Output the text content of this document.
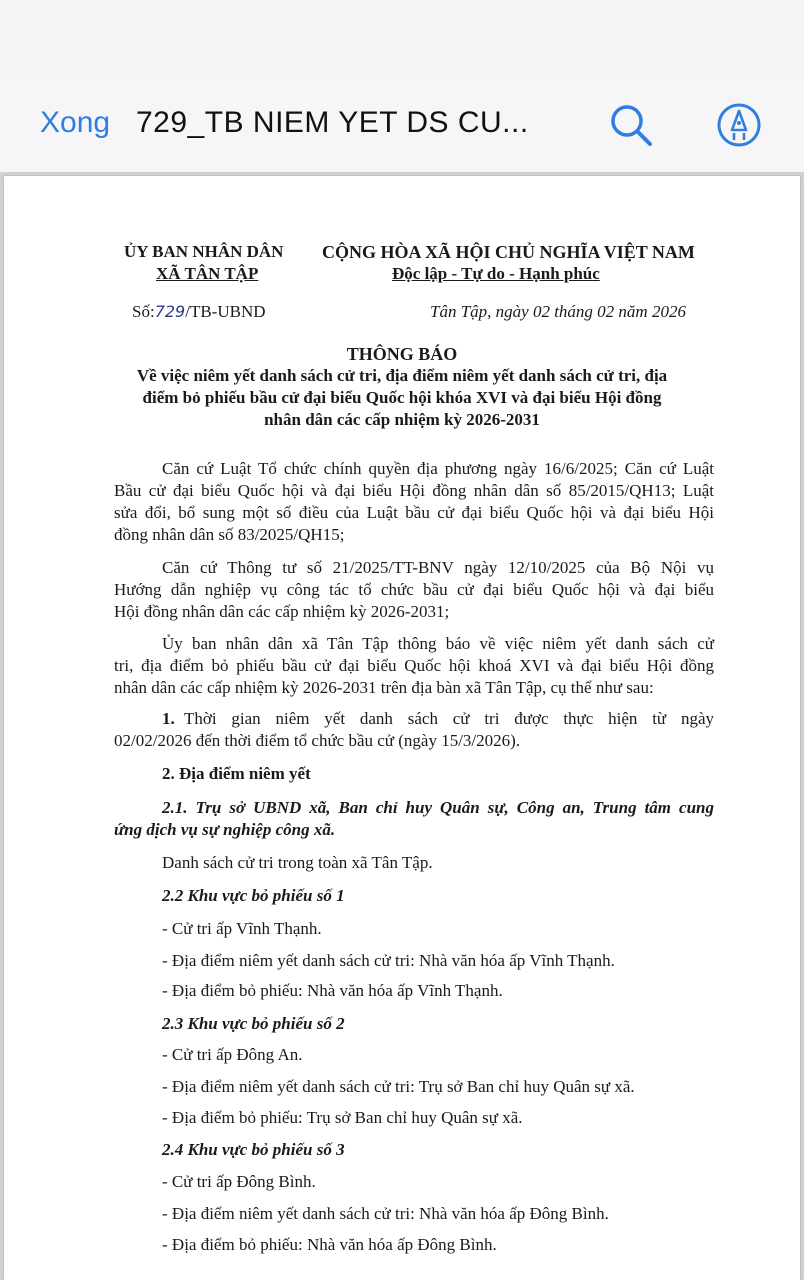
Xong 729_TB NIEM YET DS CU...
ỦY BAN NHÂN DÂN
XÃ TÂN TẬP
CỘNG HÒA XÃ HỘI CHỦ NGHĨA VIỆT NAM
Độc lập - Tự do - Hạnh phúc
Số:729/TB-UBND	Tân Tập, ngày 02 tháng 02 năm 2026
THÔNG BÁO
Về việc niêm yết danh sách cử tri, địa điểm niêm yết danh sách cử tri, địa
điểm bỏ phiếu bầu cử đại biểu Quốc hội khóa XVI và đại biểu Hội đồng
nhân dân các cấp nhiệm kỳ 2026-2031
Căn cứ Luật Tổ chức chính quyền địa phương ngày 16/6/2025; Căn cứ Luật
Bầu cử đại biểu Quốc hội và đại biểu Hội đồng nhân dân số 85/2015/QH13; Luật
sửa đổi, bổ sung một số điều của Luật bầu cử đại biểu Quốc hội và đại biểu Hội
đồng nhân dân số 83/2025/QH15;
Căn cứ Thông tư số 21/2025/TT-BNV ngày 12/10/2025 của Bộ Nội vụ
Hướng dẫn nghiệp vụ công tác tổ chức bầu cử đại biểu Quốc hội và đại biểu
Hội đồng nhân dân các cấp nhiệm kỳ 2026-2031;
Ủy ban nhân dân xã Tân Tập thông báo về việc niêm yết danh sách cử
tri, địa điểm bỏ phiếu bầu cử đại biểu Quốc hội khoá XVI và đại biểu Hội đồng
nhân dân các cấp nhiệm kỳ 2026-2031 trên địa bàn xã Tân Tập, cụ thể như sau:
1. Thời gian niêm yết danh sách cử tri được thực hiện từ ngày
02/02/2026 đến thời điểm tổ chức bầu cử (ngày 15/3/2026).
2. Địa điểm niêm yết
2.1. Trụ sở UBND xã, Ban chỉ huy Quân sự, Công an, Trung tâm cung
ứng dịch vụ sự nghiệp công xã.
Danh sách cử tri trong toàn xã Tân Tập.
2.2 Khu vực bỏ phiếu số 1
- Cử tri ấp Vĩnh Thạnh.
- Địa điểm niêm yết danh sách cử tri: Nhà văn hóa ấp Vĩnh Thạnh.
- Địa điểm bỏ phiếu: Nhà văn hóa ấp Vĩnh Thạnh.
2.3 Khu vực bỏ phiếu số 2
- Cử tri ấp Đông An.
- Địa điểm niêm yết danh sách cử tri: Trụ sở Ban chỉ huy Quân sự xã.
- Địa điểm bỏ phiếu: Trụ sở Ban chỉ huy Quân sự xã.
2.4 Khu vực bỏ phiếu số 3
- Cử tri ấp Đông Bình.
- Địa điểm niêm yết danh sách cử tri: Nhà văn hóa ấp Đông Bình.
- Địa điểm bỏ phiếu: Nhà văn hóa ấp Đông Bình.
